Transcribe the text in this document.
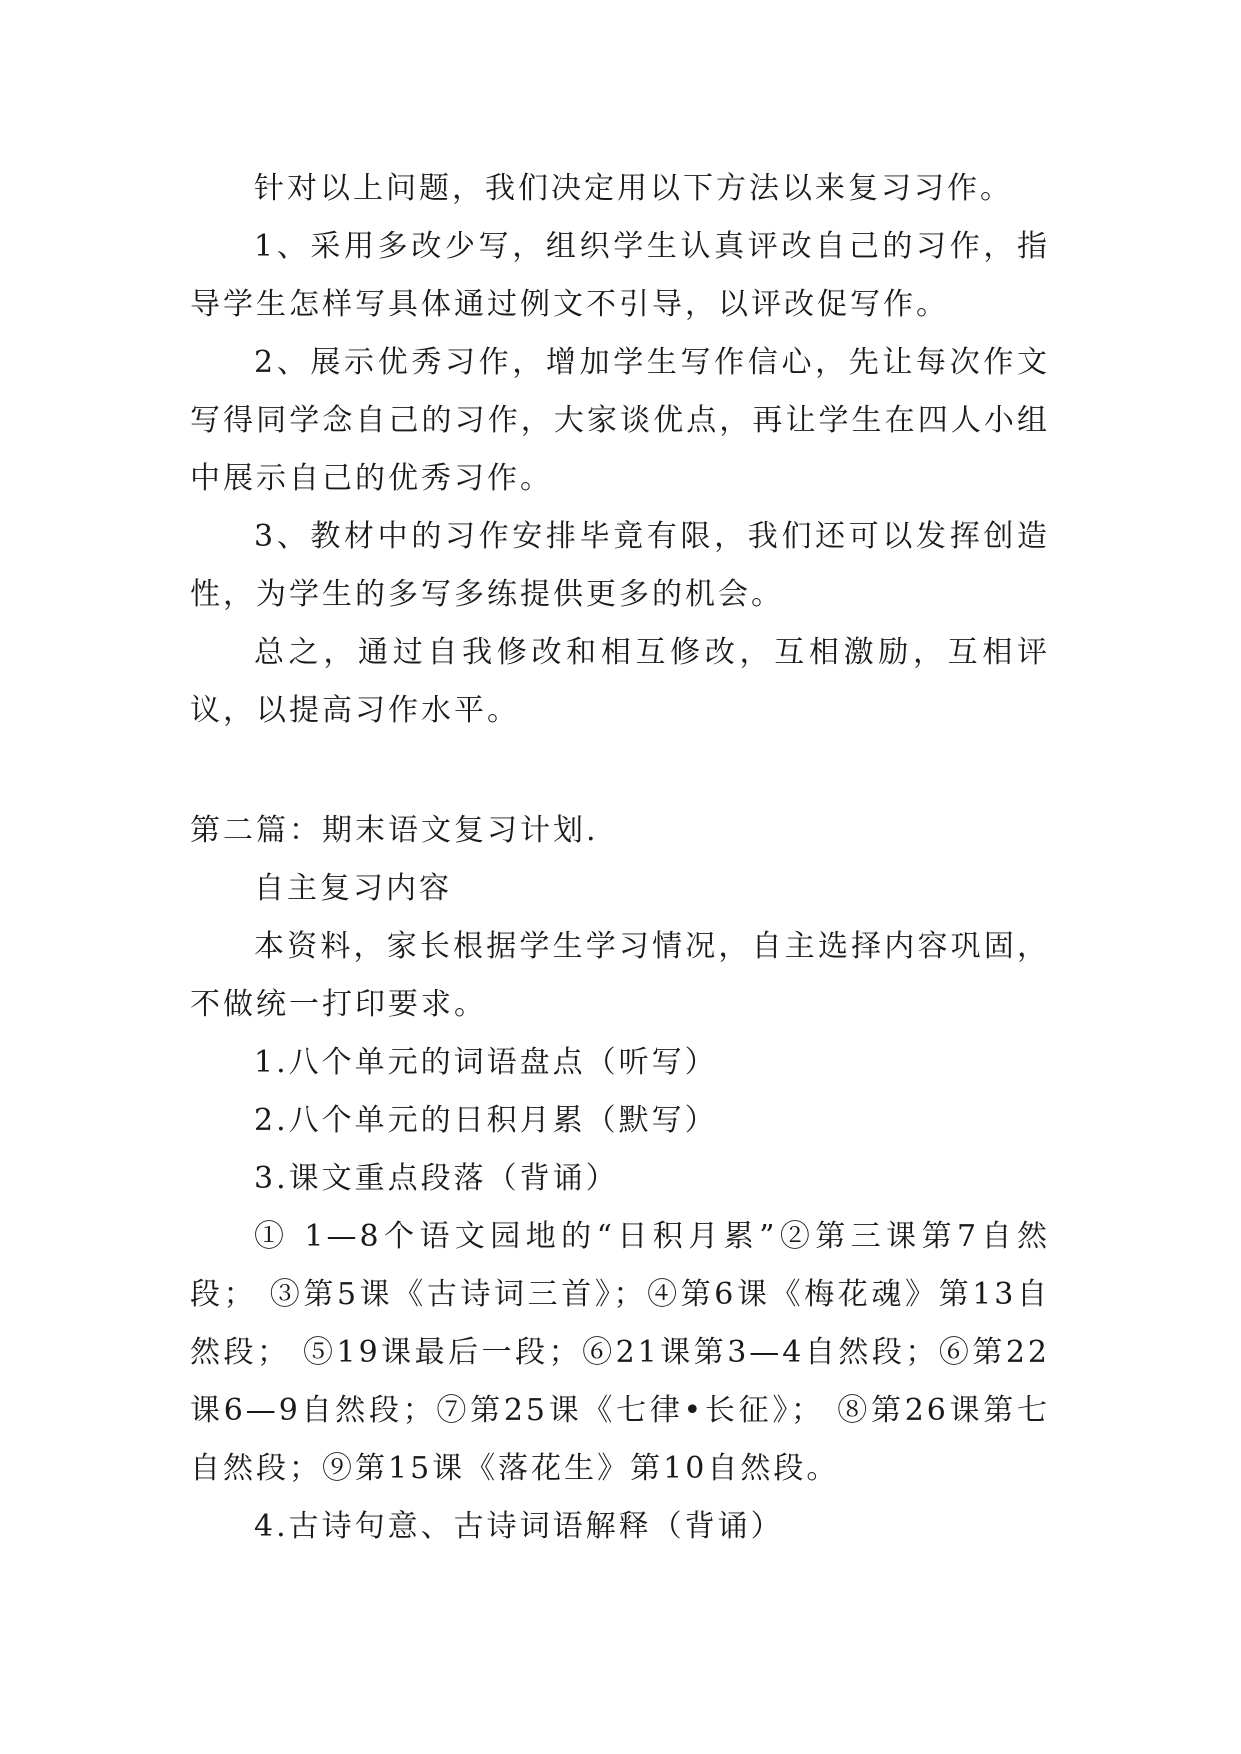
针对以上问题，我们决定用以下方法以来复习习作。

1、采用多改少写，组织学生认真评改自己的习作，指导学生怎样写具体通过例文不引导，以评改促写作。

2、展示优秀习作，增加学生写作信心，先让每次作文写得同学念自己的习作，大家谈优点，再让学生在四人小组中展示自己的优秀习作。

3、教材中的习作安排毕竟有限，我们还可以发挥创造性，为学生的多写多练提供更多的机会。

总之，通过自我修改和相互修改，互相激励，互相评议，以提高习作水平。

第二篇：期末语文复习计划.

自主复习内容

本资料，家长根据学生学习情况，自主选择内容巩固，不做统一打印要求。

1.八个单元的词语盘点（听写）

2.八个单元的日积月累（默写）

3.课文重点段落（背诵）

① 1—8个语文园地的“日积月累”②第三课第7自然段； ③第5课《古诗词三首》；④第6课《梅花魂》第13自然段； ⑤19课最后一段；⑥21课第3—4自然段；⑥第22课6—9自然段；⑦第25课《七律•长征》； ⑧第26课第七自然段；⑨第15课《落花生》第10自然段。

4.古诗句意、古诗词语解释（背诵）
